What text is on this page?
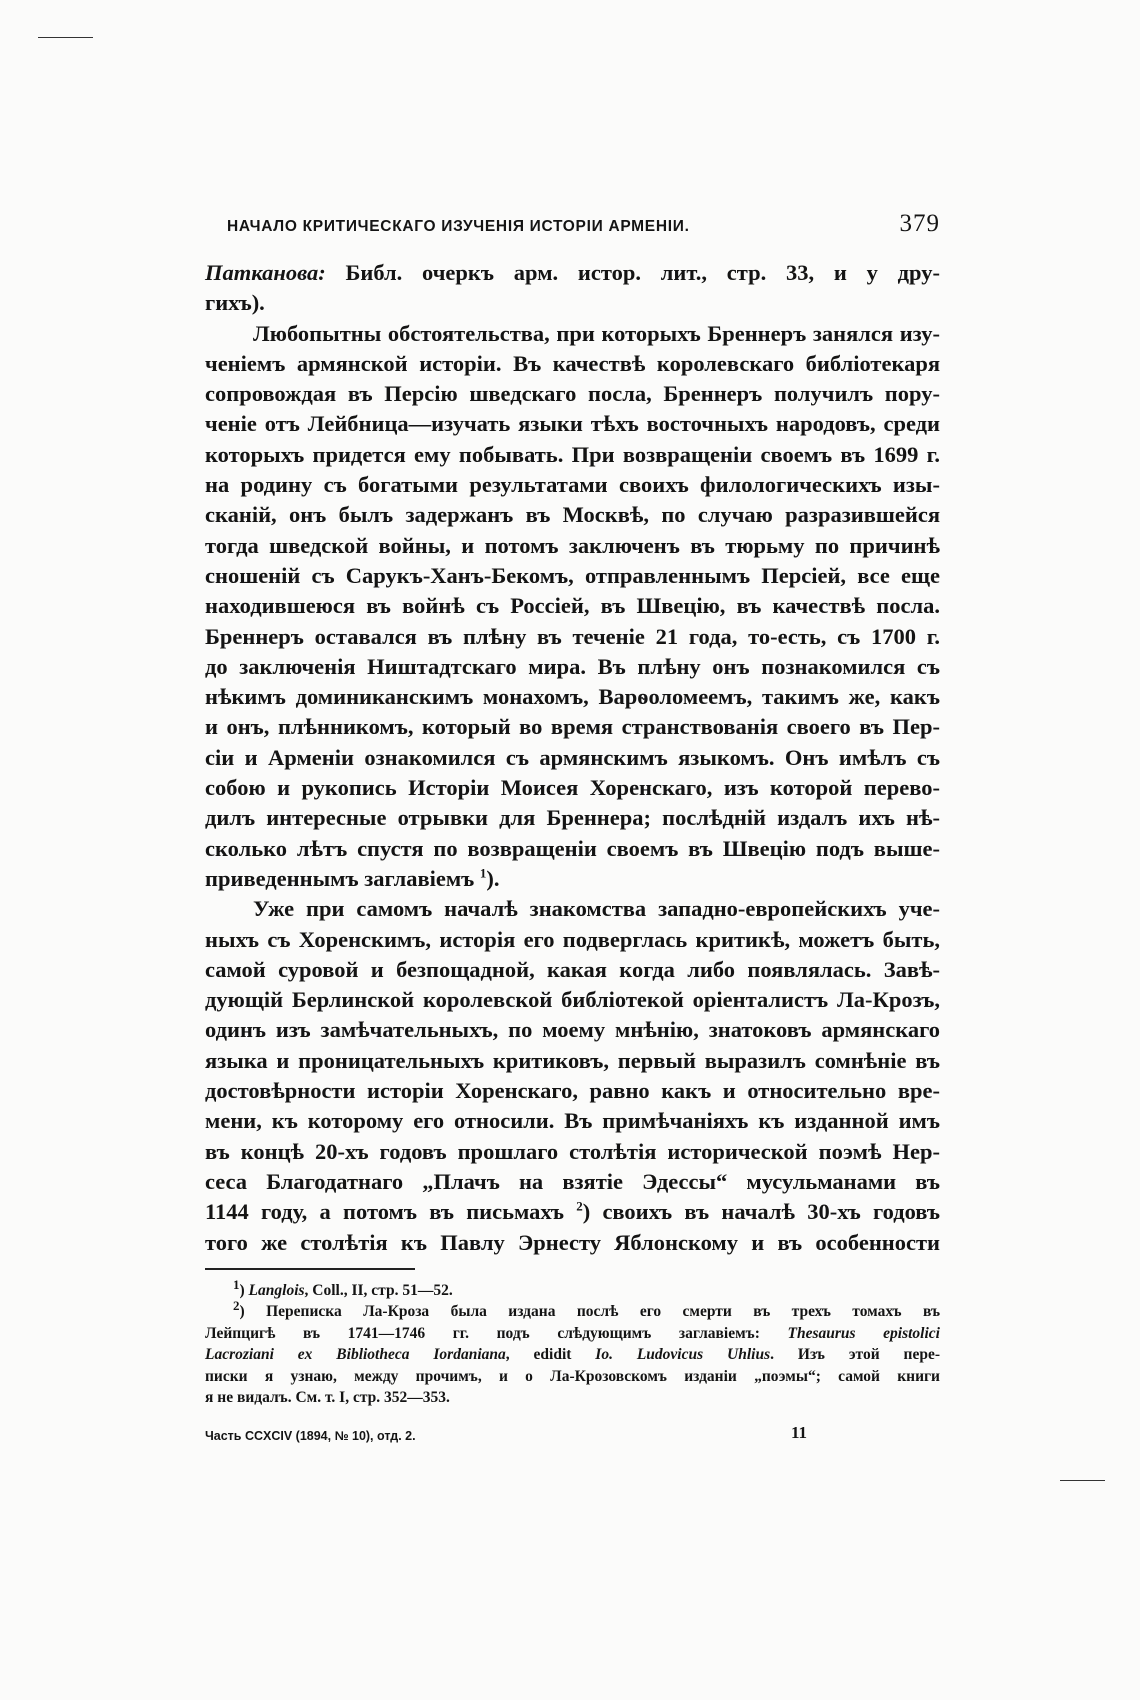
НАЧАЛО КРИТИЧЕСКАГО ИЗУЧЕНІЯ ИСТОРІИ АРМЕНІИ.	379
Патканова: Библ. очеркъ арм. истор. лит., стр. 33, и у дру-
гихъ).
Любопытны обстоятельства, при которыхъ Бреннеръ занялся изу-
ченіемъ армянской исторіи. Въ качествѣ королевскаго библіотекаря
сопровождая въ Персію шведскаго посла, Бреннеръ получилъ пору-
ченіе отъ Лейбница—изучать языки тѣхъ восточныхъ народовъ, среди
которыхъ придется ему побывать. При возвращеніи своемъ въ 1699 г.
на родину съ богатыми результатами своихъ филологическихъ изы-
сканій, онъ былъ задержанъ въ Москвѣ, по случаю разразившейся
тогда шведской войны, и потомъ заключенъ въ тюрьму по причинѣ
сношеній съ Сарукъ-Ханъ-Бекомъ, отправленнымъ Персіей, все еще
находившеюся въ войнѣ съ Россіей, въ Швецію, въ качествѣ посла.
Бреннеръ оставался въ плѣну въ теченіе 21 года, то-есть, съ 1700 г.
до заключенія Ништадтскаго мира. Въ плѣну онъ познакомился съ
нѣкимъ доминиканскимъ монахомъ, Варѳоломеемъ, такимъ же, какъ
и онъ, плѣнникомъ, который во время странствованія своего въ Пер-
сіи и Арменіи ознакомился съ армянскимъ языкомъ. Онъ имѣлъ съ
собою и рукопись Исторіи Моисея Хоренскаго, изъ которой перево-
дилъ интересные отрывки для Бреннера; послѣдній издалъ ихъ нѣ-
сколько лѣтъ спустя по возвращеніи своемъ въ Швецію подъ выше-
приведеннымъ заглавіемъ $^1$).
Уже при самомъ началѣ знакомства западно-европейскихъ уче-
ныхъ съ Хоренскимъ, исторія его подверглась критикѣ, можетъ быть,
самой суровой и безпощадной, какая когда либо появлялась. Завѣ-
дующій Берлинской королевской библіотекой оріенталистъ Ла-Крозъ,
одинъ изъ замѣчательныхъ, по моему мнѣнію, знатоковъ армянскаго
языка и проницательныхъ критиковъ, первый выразилъ сомнѣніе въ
достовѣрности исторіи Хоренскаго, равно какъ и относительно вре-
мени, къ которому его относили. Въ примѣчаніяхъ къ изданной имъ
въ концѣ 20-хъ годовъ прошлаго столѣтія исторической поэмѣ Нер-
сеса Благодатнаго „Плачъ на взятіе Эдессы“ мусульманами въ
1144 году, а потомъ въ письмахъ $^2$) своихъ въ началѣ 30-хъ годовъ
того же столѣтія къ Павлу Эрнесту Яблонскому и въ особенности
$^1$) Langlois, Coll., II, стр. 51—52.
$^2$) Переписка Ла-Кроза была издана послѣ его смерти въ трехъ томахъ въ
Лейпцигѣ въ 1741—1746 гг. подъ слѣдующимъ заглавіемъ: Thesaurus epistolici
Lacroziani ex Bibliotheca Iordaniana, edidit Io. Ludovicus Uhlius. Изъ этой пере-
писки я узнаю, между прочимъ, и о Ла-Крозовскомъ изданіи „поэмы“; самой книги
я не видалъ. См. т. I, стр. 352—353.
Часть CCXCIV (1894, № 10), отд. 2.	11
